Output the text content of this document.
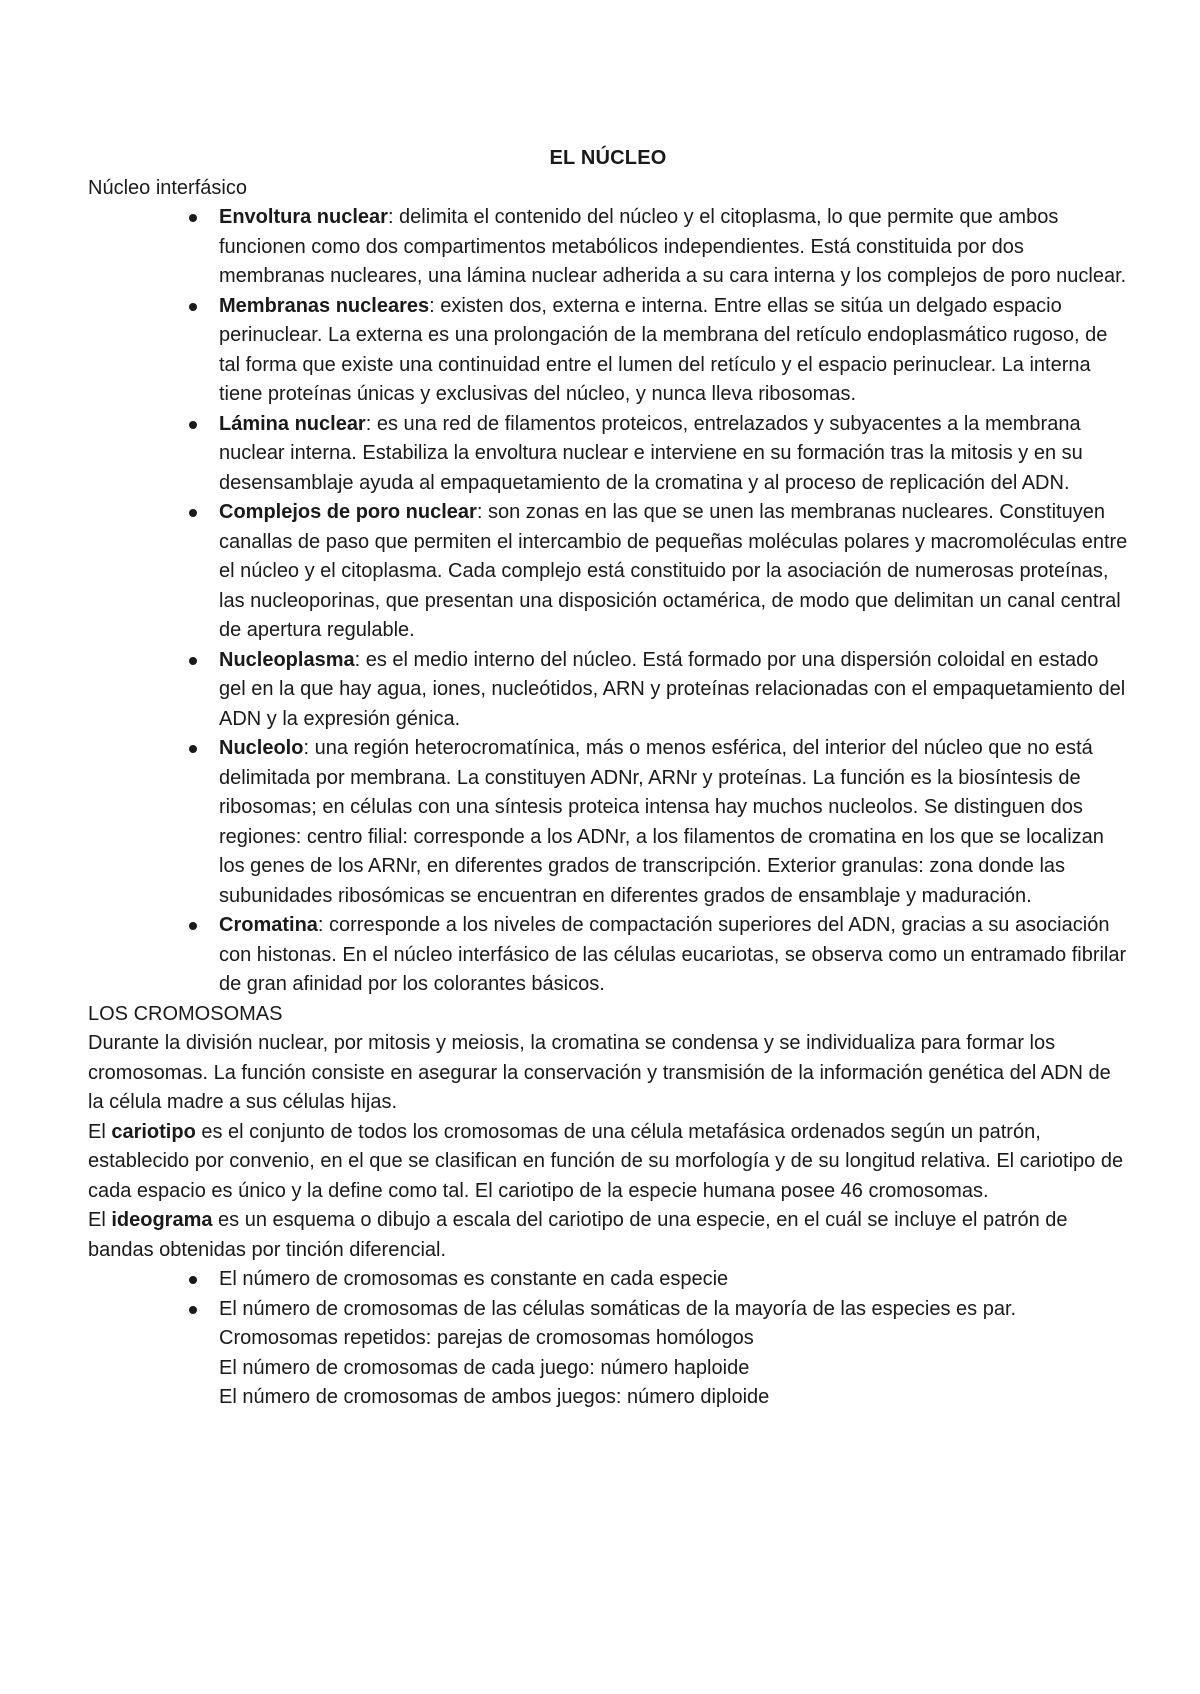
EL NÚCLEO

Núcleo interfásico

Envoltura nuclear: delimita el contenido del núcleo y el citoplasma, lo que permite que ambos funcionen como dos compartimentos metabólicos independientes. Está constituida por dos membranas nucleares, una lámina nuclear adherida a su cara interna y los complejos de poro nuclear.
Membranas nucleares: existen dos, externa e interna. Entre ellas se sitúa un delgado espacio perinuclear. La externa es una prolongación de la membrana del retículo endoplasmático rugoso, de tal forma que existe una continuidad entre el lumen del retículo y el espacio perinuclear. La interna tiene proteínas únicas y exclusivas del núcleo, y nunca lleva ribosomas.
Lámina nuclear: es una red de filamentos proteicos, entrelazados y subyacentes a la membrana nuclear interna. Estabiliza la envoltura nuclear e interviene en su formación tras la mitosis y en su desensamblaje ayuda al empaquetamiento de la cromatina y al proceso de replicación del ADN.
Complejos de poro nuclear: son zonas en las que se unen las membranas nucleares. Constituyen canallas de paso que permiten el intercambio de pequeñas moléculas polares y macromoléculas entre el núcleo y el citoplasma. Cada complejo está constituido por la asociación de numerosas proteínas, las nucleoporinas, que presentan una disposición octamérica, de modo que delimitan un canal central de apertura regulable.
Nucleoplasma: es el medio interno del núcleo. Está formado por una dispersión coloidal en estado gel en la que hay agua, iones, nucleótidos, ARN y proteínas relacionadas con el empaquetamiento del ADN y la expresión génica.
Nucleolo: una región heterocromatínica, más o menos esférica, del interior del núcleo que no está delimitada por membrana. La constituyen ADNr, ARNr y proteínas. La función es la biosíntesis de ribosomas; en células con una síntesis proteica intensa hay muchos nucleolos. Se distinguen dos regiones: centro filial: corresponde a los ADNr, a los filamentos de cromatina en los que se localizan los genes de los ARNr, en diferentes grados de transcripción. Exterior granulas: zona donde las subunidades ribosómicas se encuentran en diferentes grados de ensamblaje y maduración.
Cromatina: corresponde a los niveles de compactación superiores del ADN, gracias a su asociación con histonas. En el núcleo interfásico de las células eucariotas, se observa como un entramado fibrilar de gran afinidad por los colorantes básicos.

LOS CROMOSOMAS

Durante la división nuclear, por mitosis y meiosis, la cromatina se condensa y se individualiza para formar los cromosomas. La función consiste en asegurar la conservación y transmisión de la información genética del ADN de la célula madre a sus células hijas.

El cariotipo es el conjunto de todos los cromosomas de una célula metafásica ordenados según un patrón, establecido por convenio, en el que se clasifican en función de su morfología y de su longitud relativa. El cariotipo de cada espacio es único y la define como tal. El cariotipo de la especie humana posee 46 cromosomas.

El ideograma es un esquema o dibujo a escala del cariotipo de una especie, en el cuál se incluye el patrón de bandas obtenidas por tinción diferencial.

El número de cromosomas es constante en cada especie
El número de cromosomas de las células somáticas de la mayoría de las especies es par.

Cromosomas repetidos: parejas de cromosomas homólogos

El número de cromosomas de cada juego: número haploide

El número de cromosomas de ambos juegos: número diploide
